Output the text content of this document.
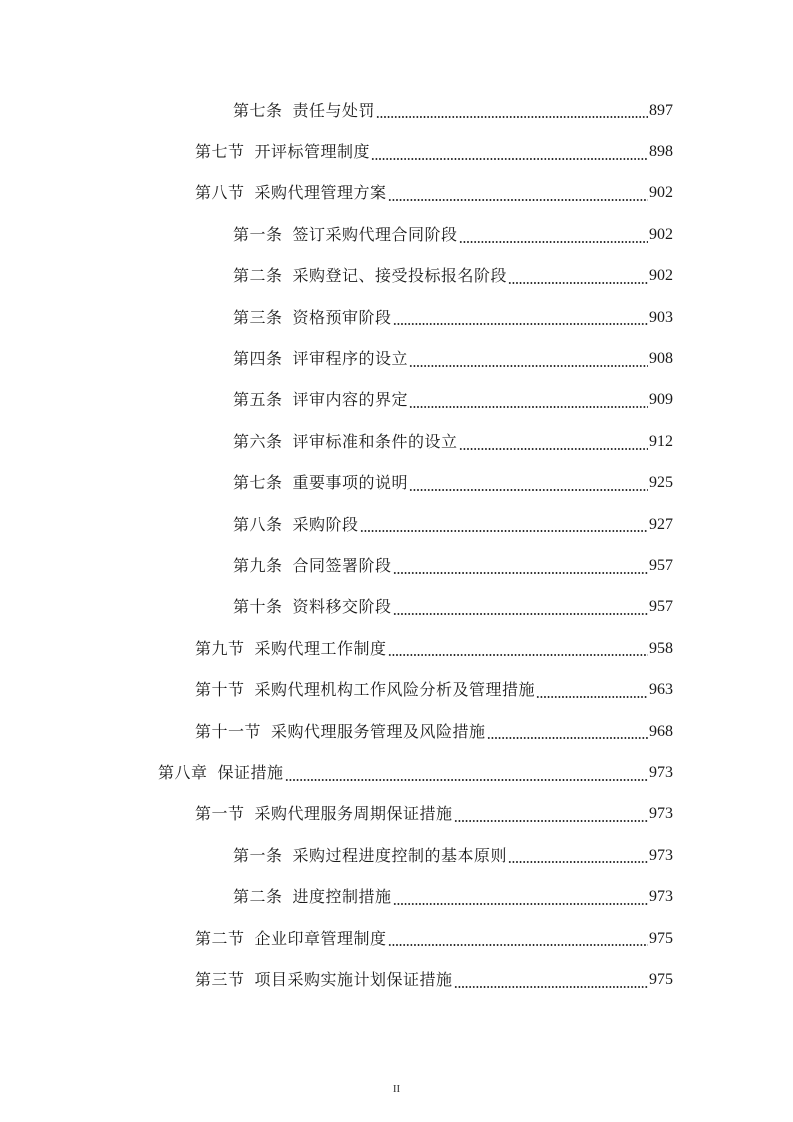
第七条 责任与处罚	897
第七节 开评标管理制度	898
第八节 采购代理管理方案	902
第一条 签订采购代理合同阶段	902
第二条 采购登记、接受投标报名阶段	902
第三条 资格预审阶段	903
第四条 评审程序的设立	908
第五条 评审内容的界定	909
第六条 评审标准和条件的设立	912
第七条 重要事项的说明	925
第八条 采购阶段	927
第九条 合同签署阶段	957
第十条 资料移交阶段	957
第九节 采购代理工作制度	958
第十节 采购代理机构工作风险分析及管理措施	963
第十一节 采购代理服务管理及风险措施	968
第八章 保证措施	973
第一节 采购代理服务周期保证措施	973
第一条 采购过程进度控制的基本原则	973
第二条 进度控制措施	973
第二节 企业印章管理制度	975
第三节 项目采购实施计划保证措施	975
II
